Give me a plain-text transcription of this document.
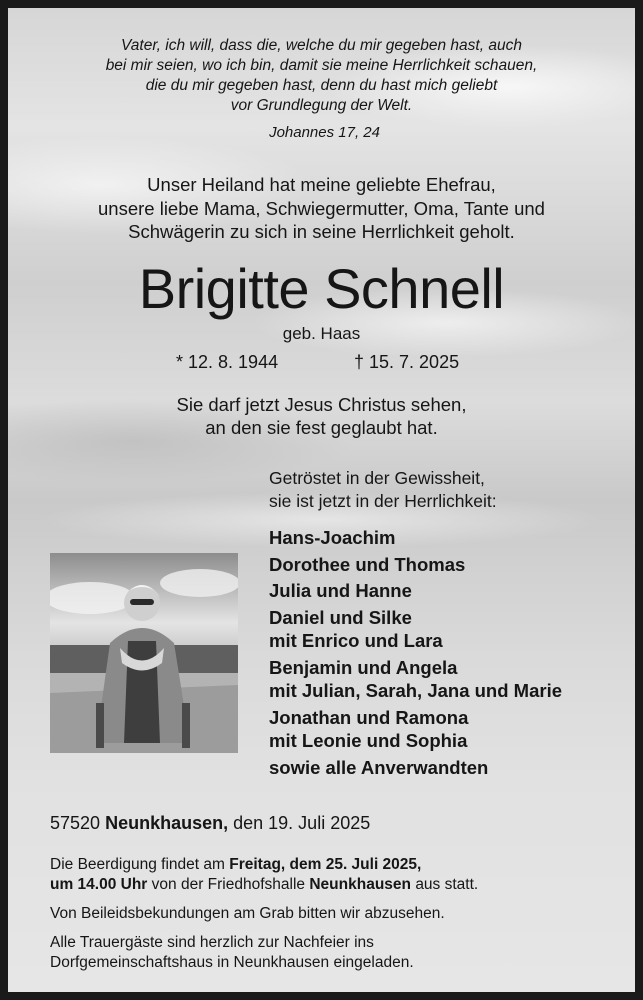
Vater, ich will, dass die, welche du mir gegeben hast, auch
bei mir seien, wo ich bin, damit sie meine Herrlichkeit schauen,
die du mir gegeben hast, denn du hast mich geliebt
vor Grundlegung der Welt.
Johannes 17, 24
Unser Heiland hat meine geliebte Ehefrau,
unsere liebe Mama, Schwiegermutter, Oma, Tante und
Schwägerin zu sich in seine Herrlichkeit geholt.
Brigitte Schnell
geb. Haas
* 12. 8. 1944	† 15. 7. 2025
Sie darf jetzt Jesus Christus sehen,
an den sie fest geglaubt hat.
Getröstet in der Gewissheit,
sie ist jetzt in der Herrlichkeit:
Hans-Joachim
Dorothee und Thomas
Julia und Hanne
Daniel und Silke
mit Enrico und Lara
Benjamin und Angela
mit Julian, Sarah, Jana und Marie
Jonathan und Ramona
mit Leonie und Sophia
sowie alle Anverwandten
57520 Neunkhausen, den 19. Juli 2025
Die Beerdigung findet am Freitag, dem 25. Juli 2025,
um 14.00 Uhr von der Friedhofshalle Neunkhausen aus statt.
Von Beileidsbekundungen am Grab bitten wir abzusehen.
Alle Trauergäste sind herzlich zur Nachfeier ins
Dorfgemeinschaftshaus in Neunkhausen eingeladen.
